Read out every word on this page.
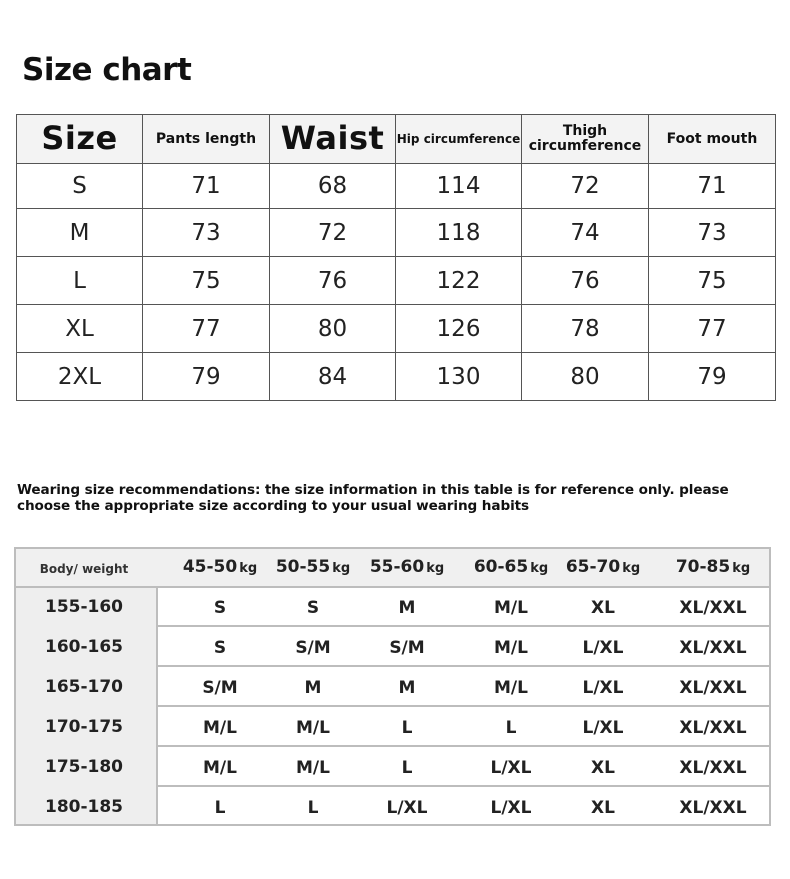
Size chart
Size	Pants length	Waist	Hip circumference	Thigh circumference	Foot mouth
S	71	68	114	72	71
M	73	72	118	74	73
L	75	76	122	76	75
XL	77	80	126	78	77
2XL	79	84	130	80	79
Wearing size recommendations: the size information in this table is for reference only. please choose the appropriate size according to your usual wearing habits
Body/ weight	45-50 kg	50-55 kg	55-60 kg	60-65 kg	65-70 kg	70-85 kg
155-160	S	S	M	M/L	XL	XL/XXL
160-165	S	S/M	S/M	M/L	L/XL	XL/XXL
165-170	S/M	M	M	M/L	L/XL	XL/XXL
170-175	M/L	M/L	L	L	L/XL	XL/XXL
175-180	M/L	M/L	L	L/XL	XL	XL/XXL
180-185	L	L	L/XL	L/XL	XL	XL/XXL
